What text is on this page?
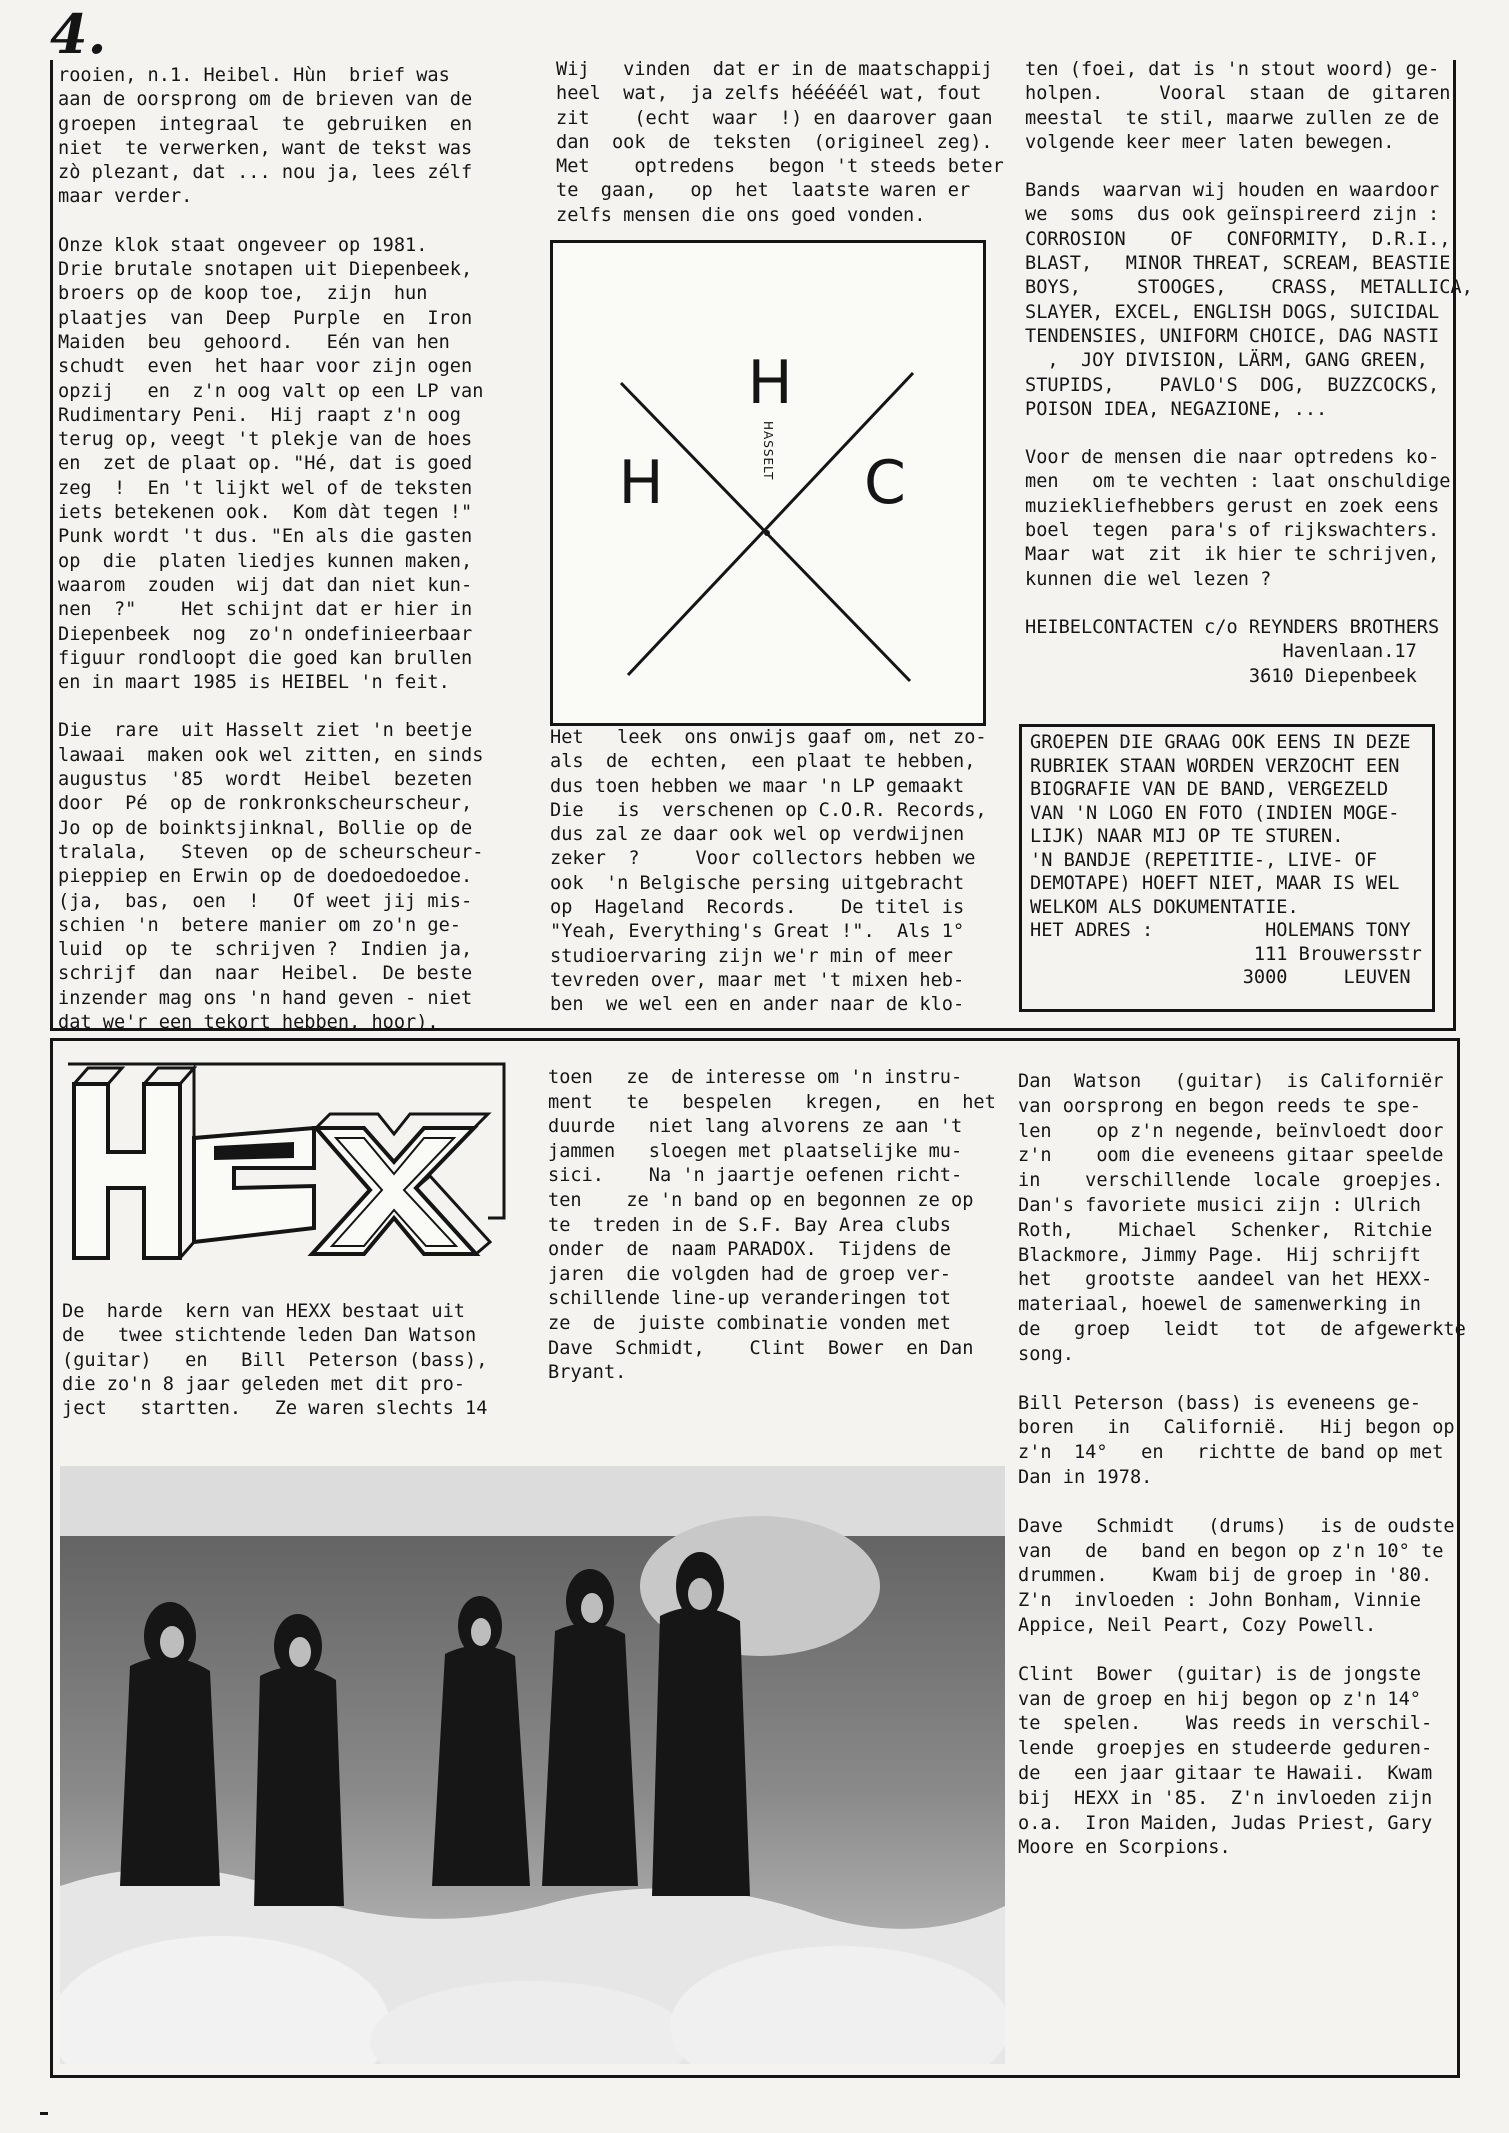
4.

rooien, n.1. Heibel. Hùn  brief was
aan de oorsprong om de brieven van de
groepen  integraal  te  gebruiken  en
niet  te verwerken, want de tekst was
zò plezant, dat ... nou ja, lees zélf
maar verder.

Onze klok staat ongeveer op 1981.
Drie brutale snotapen uit Diepenbeek,
broers op de koop toe,  zijn  hun
plaatjes  van  Deep  Purple  en  Iron
Maiden  beu  gehoord.   Eén van hen
schudt  even  het haar voor zijn ogen
opzij   en  z'n oog valt op een LP van
Rudimentary Peni.  Hij raapt z'n oog
terug op, veegt 't plekje van de hoes
en  zet de plaat op. "Hé, dat is goed
zeg  !  En 't lijkt wel of de teksten
iets betekenen ook.  Kom dàt tegen !"
Punk wordt 't dus. "En als die gasten
op  die  platen liedjes kunnen maken,
waarom  zouden  wij dat dan niet kun-
nen  ?"    Het schijnt dat er hier in
Diepenbeek  nog  zo'n ondefinieerbaar
figuur rondloopt die goed kan brullen
en in maart 1985 is HEIBEL 'n feit.

Die  rare  uit Hasselt ziet 'n beetje
lawaai  maken ook wel zitten, en sinds
augustus  '85  wordt  Heibel  bezeten
door  Pé  op de ronkronkscheurscheur,
Jo op de boinktsjinknal, Bollie op de
tralala,   Steven  op de scheurscheur-
pieppiep en Erwin op de doedoedoedoe.
(ja,  bas,  oen  !   Of weet jij mis-
schien 'n  betere manier om zo'n ge-
luid  op  te  schrijven ?  Indien ja,
schrijf  dan  naar  Heibel.  De beste
inzender mag ons 'n hand geven - niet
dat we'r een tekort hebben, hoor).

Wij   vinden  dat er in de maatschappij
heel  wat,  ja zelfs hééééél wat, fout
zit    (echt  waar  !) en daarover gaan
dan  ook  de  teksten  (origineel zeg).
Met    optredens   begon 't steeds beter
te  gaan,   op  het  laatste waren er
zelfs mensen die ons goed vonden.

H
H	C
HASSELT

Het   leek  ons onwijs gaaf om, net zo-
als  de  echten,  een plaat te hebben,
dus toen hebben we maar 'n LP gemaakt
Die   is  verschenen op C.O.R. Records,
dus zal ze daar ook wel op verdwijnen
zeker  ?     Voor collectors hebben we
ook  'n Belgische persing uitgebracht
op  Hageland  Records.    De titel is
"Yeah, Everything's Great !".  Als 1°
studioervaring zijn we'r min of meer
tevreden over, maar met 't mixen heb-
ben  we wel een en ander naar de klo-

ten (foei, dat is 'n stout woord) ge-
holpen.     Vooral  staan  de  gitaren
meestal  te stil, maarwe zullen ze de
volgende keer meer laten bewegen.

Bands  waarvan wij houden en waardoor
we  soms  dus ook geïnspireerd zijn :
CORROSION    OF   CONFORMITY,  D.R.I.,
BLAST,   MINOR THREAT, SCREAM, BEASTIE
BOYS,     STOOGES,    CRASS,  METALLICA,
SLAYER, EXCEL, ENGLISH DOGS, SUICIDAL
TENDENSIES, UNIFORM CHOICE, DAG NASTI
,  JOY DIVISION, LÄRM, GANG GREEN,
STUPIDS,    PAVLO'S  DOG,  BUZZCOCKS,
POISON IDEA, NEGAZIONE, ...

Voor de mensen die naar optredens ko-
men   om te vechten : laat onschuldige
muziekliefhebbers gerust en zoek eens
boel  tegen  para's of rijkswachters.
Maar  wat  zit  ik hier te schrijven,
kunnen die wel lezen ?

HEIBELCONTACTEN c/o REYNDERS BROTHERS
Havenlaan.17
3610 Diepenbeek

GROEPEN DIE GRAAG OOK EENS IN DEZE
RUBRIEK STAAN WORDEN VERZOCHT EEN
BIOGRAFIE VAN DE BAND, VERGEZELD
VAN 'N LOGO EN FOTO (INDIEN MOGE-
LIJK) NAAR MIJ OP TE STUREN.
'N BANDJE (REPETITIE-, LIVE- OF
DEMOTAPE) HOEFT NIET, MAAR IS WEL
WELKOM ALS DOKUMENTATIE.
HET ADRES :          HOLEMANS TONY
111 Brouwersstr
3000     LEUVEN
HEXX

De  harde  kern van HEXX bestaat uit
de   twee stichtende leden Dan Watson
(guitar)   en   Bill  Peterson (bass),
die zo'n 8 jaar geleden met dit pro-
ject   startten.   Ze waren slechts 14

toen   ze  de interesse om 'n instru-
ment   te   bespelen   kregen,   en  het
duurde   niet lang alvorens ze aan 't
jammen   sloegen met plaatselijke mu-
sici.    Na 'n jaartje oefenen richt-
ten    ze 'n band op en begonnen ze op
te  treden in de S.F. Bay Area clubs
onder  de  naam PARADOX.  Tijdens de
jaren  die volgden had de groep ver-
schillende line-up veranderingen tot
ze  de  juiste combinatie vonden met
Dave  Schmidt,    Clint  Bower  en Dan
Bryant.

Dan  Watson   (guitar)  is Californiër
van oorsprong en begon reeds te spe-
len    op z'n negende, beïnvloedt door
z'n    oom die eveneens gitaar speelde
in    verschillende  locale  groepjes.
Dan's favoriete musici zijn : Ulrich
Roth,    Michael   Schenker,  Ritchie
Blackmore, Jimmy Page.  Hij schrijft
het   grootste  aandeel van het HEXX-
materiaal, hoewel de samenwerking in
de   groep   leidt   tot   de afgewerkte
song.

Bill Peterson (bass) is eveneens ge-
boren   in   Californië.   Hij begon op
z'n  14°   en   richtte de band op met
Dan in 1978.

Dave   Schmidt   (drums)   is de oudste
van   de   band en begon op z'n 10° te
drummen.    Kwam bij de groep in '80.
Z'n  invloeden : John Bonham, Vinnie
Appice, Neil Peart, Cozy Powell.

Clint  Bower  (guitar) is de jongste
van de groep en hij begon op z'n 14°
te  spelen.    Was reeds in verschil-
lende  groepjes en studeerde geduren-
de   een jaar gitaar te Hawaii.  Kwam
bij  HEXX in '85.  Z'n invloeden zijn
o.a.  Iron Maiden, Judas Priest, Gary
Moore en Scorpions.
